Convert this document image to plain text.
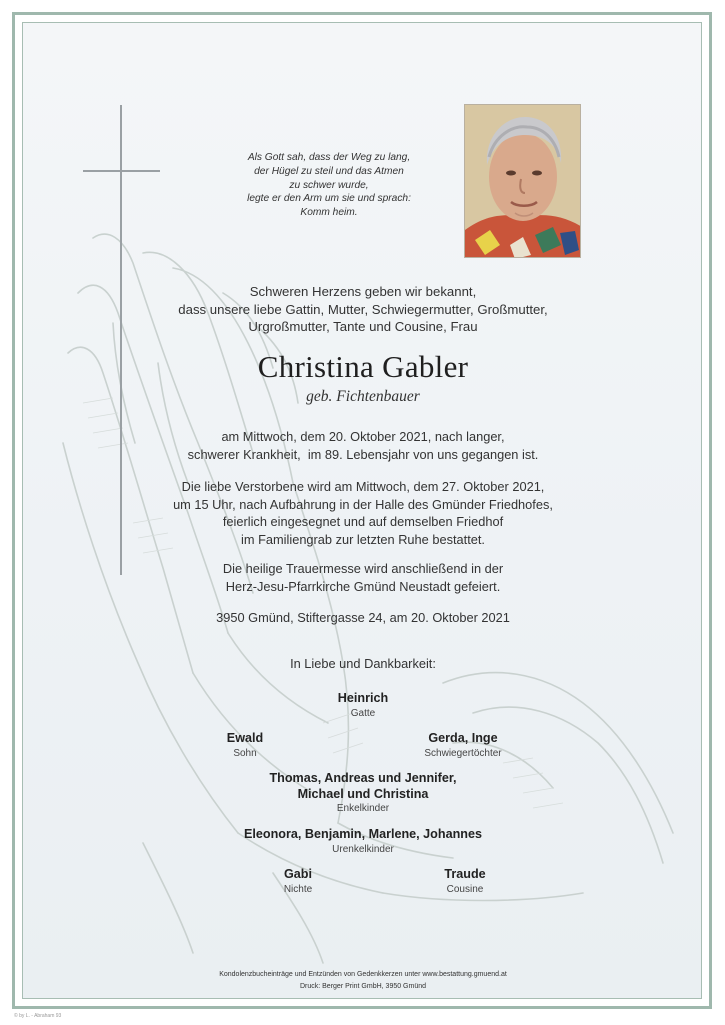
Als Gott sah, dass der Weg zu lang,
der Hügel zu steil und das Atmen
zu schwer wurde,
legte er den Arm um sie und sprach:
Komm heim.
Schweren Herzens geben wir bekannt,
dass unsere liebe Gattin, Mutter, Schwiegermutter, Großmutter,
Urgroßmutter, Tante und Cousine, Frau
Christina Gabler
geb. Fichtenbauer
am Mittwoch, dem 20. Oktober 2021, nach langer,
schwerer Krankheit,  im 89. Lebensjahr von uns gegangen ist.
Die liebe Verstorbene wird am Mittwoch, dem 27. Oktober 2021,
um 15 Uhr, nach Aufbahrung in der Halle des Gmünder Friedhofes,
feierlich eingesegnet und auf demselben Friedhof
im Familiengrab zur letzten Ruhe bestattet.
Die heilige Trauermesse wird anschließend in der
Herz-Jesu-Pfarrkirche Gmünd Neustadt gefeiert.
3950 Gmünd, Stiftergasse 24, am 20. Oktober 2021
In Liebe und Dankbarkeit:
Heinrich
Gatte
Ewald
Sohn
Gerda, Inge
Schwiegertöchter
Thomas, Andreas und Jennifer,
Michael und Christina
Enkelkinder
Eleonora, Benjamin, Marlene, Johannes
Urenkelkinder
Gabi
Nichte
Traude
Cousine
Kondolenzbucheinträge und Entzünden von Gedenkkerzen unter www.bestattung.gmuend.at
Druck: Berger Print GmbH, 3950 Gmünd
© by L. - Abraham 93
